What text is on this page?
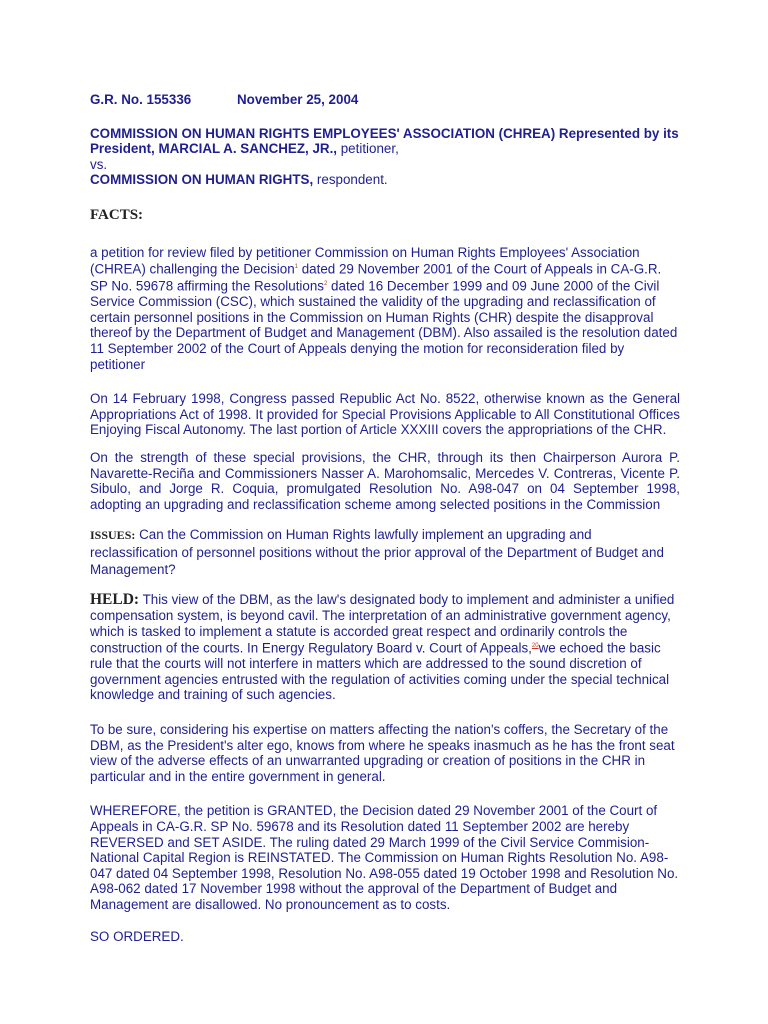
G.R. No. 155336	November 25, 2004
COMMISSION ON HUMAN RIGHTS EMPLOYEES' ASSOCIATION (CHREA) Represented by its President, MARCIAL A. SANCHEZ, JR., petitioner,
vs.
COMMISSION ON HUMAN RIGHTS, respondent.
FACTS:

a petition for review filed by petitioner Commission on Human Rights Employees' Association (CHREA) challenging the Decision$^1$ dated 29 November 2001 of the Court of Appeals in CA-G.R. SP No. 59678 affirming the Resolutions$^2$ dated 16 December 1999 and 09 June 2000 of the Civil Service Commission (CSC), which sustained the validity of the upgrading and reclassification of certain personnel positions in the Commission on Human Rights (CHR) despite the disapproval thereof by the Department of Budget and Management (DBM). Also assailed is the resolution dated 11 September 2002 of the Court of Appeals denying the motion for reconsideration filed by petitioner

On 14 February 1998, Congress passed Republic Act No. 8522, otherwise known as the General Appropriations Act of 1998. It provided for Special Provisions Applicable to All Constitutional Offices Enjoying Fiscal Autonomy. The last portion of Article XXXIII covers the appropriations of the CHR.

On the strength of these special provisions, the CHR, through its then Chairperson Aurora P. Navarette-Reciña and Commissioners Nasser A. Marohomsalic, Mercedes V. Contreras, Vicente P. Sibulo, and Jorge R. Coquia, promulgated Resolution No. A98-047 on 04 September 1998, adopting an upgrading and reclassification scheme among selected positions in the Commission

ISSUES: Can the Commission on Human Rights lawfully implement an upgrading and reclassification of personnel positions without the prior approval of the Department of Budget and Management?

HELD: This view of the DBM, as the law's designated body to implement and administer a unified compensation system, is beyond cavil. The interpretation of an administrative government agency, which is tasked to implement a statute is accorded great respect and ordinarily controls the construction of the courts. In Energy Regulatory Board v. Court of Appeals,$^{20}$we echoed the basic rule that the courts will not interfere in matters which are addressed to the sound discretion of government agencies entrusted with the regulation of activities coming under the special technical knowledge and training of such agencies.

To be sure, considering his expertise on matters affecting the nation's coffers, the Secretary of the DBM, as the President's alter ego, knows from where he speaks inasmuch as he has the front seat view of the adverse effects of an unwarranted upgrading or creation of positions in the CHR in particular and in the entire government in general.

WHEREFORE, the petition is GRANTED, the Decision dated 29 November 2001 of the Court of Appeals in CA-G.R. SP No. 59678 and its Resolution dated 11 September 2002 are hereby REVERSED and SET ASIDE. The ruling dated 29 March 1999 of the Civil Service Commision-National Capital Region is REINSTATED. The Commission on Human Rights Resolution No. A98-047 dated 04 September 1998, Resolution No. A98-055 dated 19 October 1998 and Resolution No. A98-062 dated 17 November 1998 without the approval of the Department of Budget and Management are disallowed. No pronouncement as to costs.

SO ORDERED.
